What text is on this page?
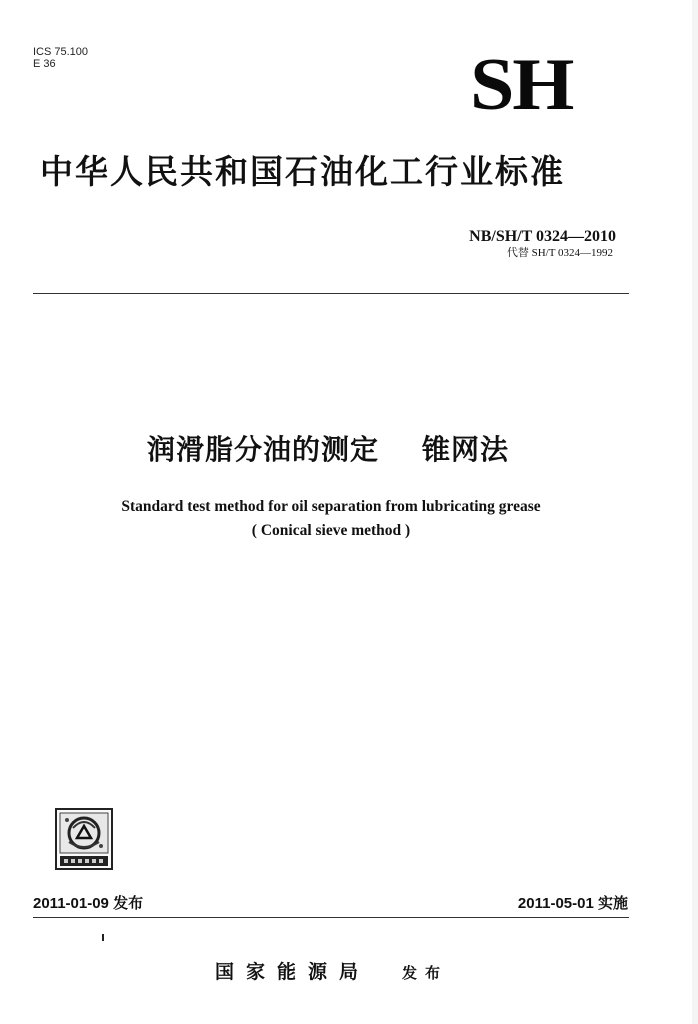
ICS 75.100
E 36	SH
中华人民共和国石油化工行业标准
NB/SH/T 0324—2010
代替 SH/T 0324—1992
润滑脂分油的测定    锥网法
Standard test method for oil separation from lubricating grease
( Conical sieve method )
2011-01-09 发布	2011-05-01 实施
国家能源局 发布
